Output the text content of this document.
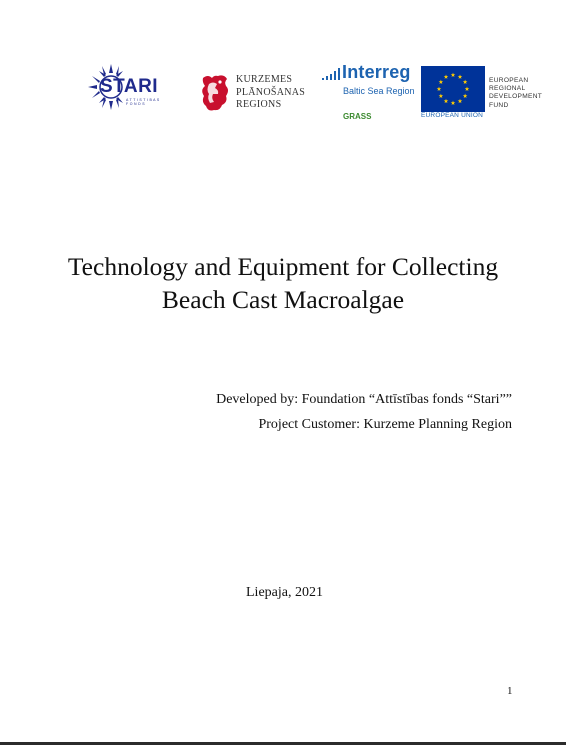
STARI
A T T I S T I B A S F O N D S
KURZEMES
PLĀNOŠANAS
REGIONS
Interreg
Baltic Sea Region
GRASS	EUROPEAN UNION
EUROPEAN
REGIONAL
DEVELOPMENT
FUND
Technology and Equipment for Collecting
Beach Cast Macroalgae
Developed by: Foundation “Attīstības fonds “Stari””
Project Customer: Kurzeme Planning Region
Liepaja, 2021
1
